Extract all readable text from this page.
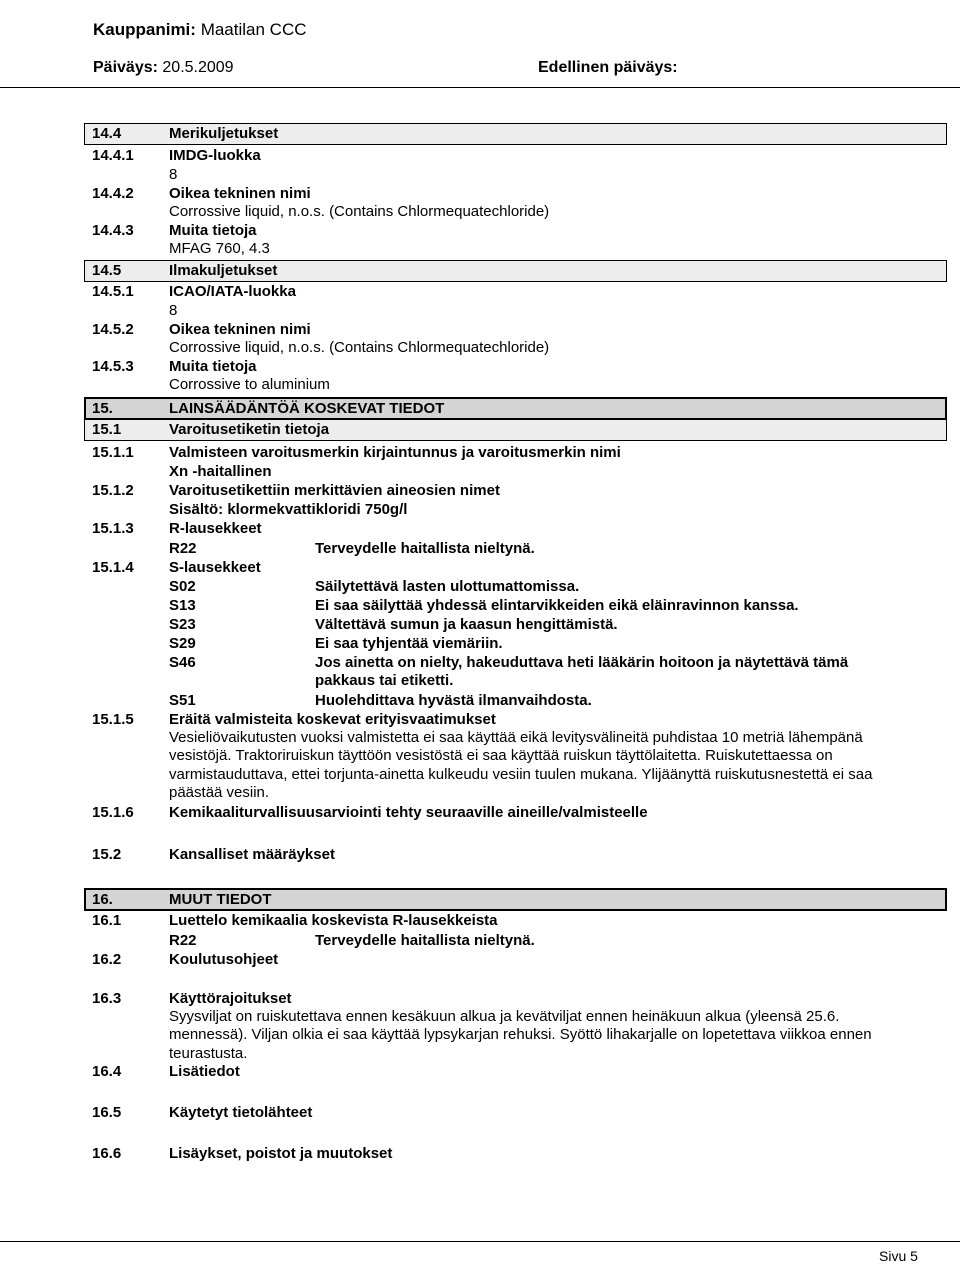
Kauppanimi: Maatilan CCC
Päiväys: 20.5.2009	Edellinen päiväys:
14.4	Merikuljetukset
14.4.1 IMDG-luokka
8
14.4.2 Oikea tekninen nimi
Corrossive liquid, n.o.s. (Contains Chlormequatechloride)
14.4.3 Muita tietoja
MFAG 760, 4.3
14.5	Ilmakuljetukset
14.5.1 ICAO/IATA-luokka
8
14.5.2 Oikea tekninen nimi
Corrossive liquid, n.o.s. (Contains Chlormequatechloride)
14.5.3 Muita tietoja
Corrossive to aluminium
15.	LAINSÄÄDÄNTÖÄ KOSKEVAT TIEDOT
15.1	Varoitusetiketin tietoja
15.1.1 Valmisteen varoitusmerkin kirjaintunnus ja varoitusmerkin nimi
Xn -haitallinen
15.1.2 Varoitusetikettiin merkittävien aineosien nimet
Sisältö: klormekvattikloridi 750g/l
15.1.3 R-lausekkeet
R22	Terveydelle haitallista nieltynä.
15.1.4 S-lausekkeet
S02	Säilytettävä lasten ulottumattomissa.
S13	Ei saa säilyttää yhdessä elintarvikkeiden eikä eläinravinnon kanssa.
S23	Vältettävä sumun ja kaasun hengittämistä.
S29	Ei saa tyhjentää viemäriin.
S46	Jos ainetta on nielty, hakeuduttava heti lääkärin hoitoon ja näytettävä tämä pakkaus tai etiketti.
S51	Huolehdittava hyvästä ilmanvaihdosta.
15.1.5 Eräitä valmisteita koskevat erityisvaatimukset
Vesieliövaikutusten vuoksi valmistetta ei saa käyttää eikä levitysvälineitä puhdistaa 10 metriä lähempänä vesistöjä. Traktoriruiskun täyttöön vesistöstä ei saa käyttää ruiskun täyttölaitetta. Ruiskutettaessa on varmistauduttava, ettei torjunta-ainetta kulkeudu vesiin tuulen mukana. Ylijäänyttä ruiskutusnestettä ei saa päästää vesiin.
15.1.6 Kemikaaliturvallisuusarviointi tehty seuraaville aineille/valmisteelle
15.2	Kansalliset määräykset
16.	MUUT TIEDOT
16.1	Luettelo kemikaalia koskevista R-lausekkeista
R22	Terveydelle haitallista nieltynä.
16.2	Koulutusohjeet
16.3	Käyttörajoitukset
Syysviljat on ruiskutettava ennen kesäkuun alkua ja kevätviljat ennen heinäkuun alkua (yleensä 25.6. mennessä). Viljan olkia ei saa käyttää lypsykarjan rehuksi. Syöttö lihakarjalle on lopetettava viikkoa ennen teurastusta.
16.4	Lisätiedot
16.5	Käytetyt tietolähteet
16.6	Lisäykset, poistot ja muutokset
Sivu 5
